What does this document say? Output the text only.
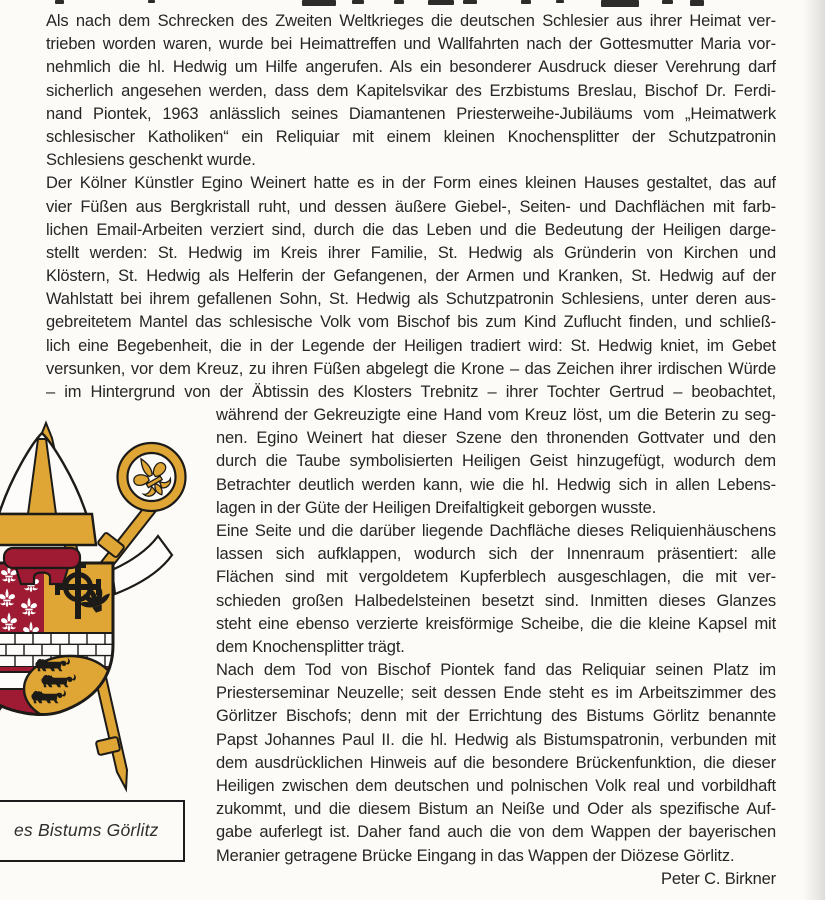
Als nach dem Schrecken des Zweiten Weltkrieges die deutschen Schlesier aus ihrer Heimat ver-
trieben worden waren, wurde bei Heimattreffen und Wallfahrten nach der Gottesmutter Maria vor-
nehmlich die hl. Hedwig um Hilfe angerufen. Als ein besonderer Ausdruck dieser Verehrung darf
sicherlich angesehen werden, dass dem Kapitelsvikar des Erzbistums Breslau, Bischof Dr. Ferdi-
nand Piontek, 1963 anlässlich seines Diamantenen Priesterweihe-Jubiläums vom „Heimatwerk
schlesischer Katholiken“ ein Reliquiar mit einem kleinen Knochensplitter der Schutzpatronin
Schlesiens geschenkt wurde.
Der Kölner Künstler Egino Weinert hatte es in der Form eines kleinen Hauses gestaltet, das auf
vier Füßen aus Bergkristall ruht, und dessen äußere Giebel-, Seiten- und Dachflächen mit farb-
lichen Email-Arbeiten verziert sind, durch die das Leben und die Bedeutung der Heiligen darge-
stellt werden: St. Hedwig im Kreis ihrer Familie, St. Hedwig als Gründerin von Kirchen und
Klöstern, St. Hedwig als Helferin der Gefangenen, der Armen und Kranken, St. Hedwig auf der
Wahlstatt bei ihrem gefallenen Sohn, St. Hedwig als Schutzpatronin Schlesiens, unter deren aus-
gebreitetem Mantel das schlesische Volk vom Bischof bis zum Kind Zuflucht finden, und schließ-
lich eine Begebenheit, die in der Legende der Heiligen tradiert wird: St. Hedwig kniet, im Gebet
versunken, vor dem Kreuz, zu ihren Füßen abgelegt die Krone – das Zeichen ihrer irdischen Würde
– im Hintergrund von der Äbtissin des Klosters Trebnitz – ihrer Tochter Gertrud – beobachtet,
während der Gekreuzigte eine Hand vom Kreuz löst, um die Beterin zu seg-
nen. Egino Weinert hat dieser Szene den thronenden Gottvater und den
durch die Taube symbolisierten Heiligen Geist hinzugefügt, wodurch dem
Betrachter deutlich werden kann, wie die hl. Hedwig sich in allen Lebens-
lagen in der Güte der Heiligen Dreifaltigkeit geborgen wusste.
Eine Seite und die darüber liegende Dachfläche dieses Reliquienhäuschens
lassen sich aufklappen, wodurch sich der Innenraum präsentiert: alle
Flächen sind mit vergoldetem Kupferblech ausgeschlagen, die mit ver-
schieden großen Halbedelsteinen besetzt sind. Inmitten dieses Glanzes
steht eine ebenso verzierte kreisförmige Scheibe, die die kleine Kapsel mit
dem Knochensplitter trägt.
Nach dem Tod von Bischof Piontek fand das Reliquiar seinen Platz im
Priesterseminar Neuzelle; seit dessen Ende steht es im Arbeitszimmer des
Görlitzer Bischofs; denn mit der Errichtung des Bistums Görlitz benannte
Papst Johannes Paul II. die hl. Hedwig als Bistumspatronin, verbunden mit
dem ausdrücklichen Hinweis auf die besondere Brückenfunktion, die dieser
Heiligen zwischen dem deutschen und polnischen Volk real und vorbildhaft
zukommt, und die diesem Bistum an Neiße und Oder als spezifische Auf-
gabe auferlegt ist. Daher fand auch die von dem Wappen der bayerischen
Meranier getragene Brücke Eingang in das Wappen der Diözese Görlitz.
Peter C. Birkner
es Bistums Görlitz
